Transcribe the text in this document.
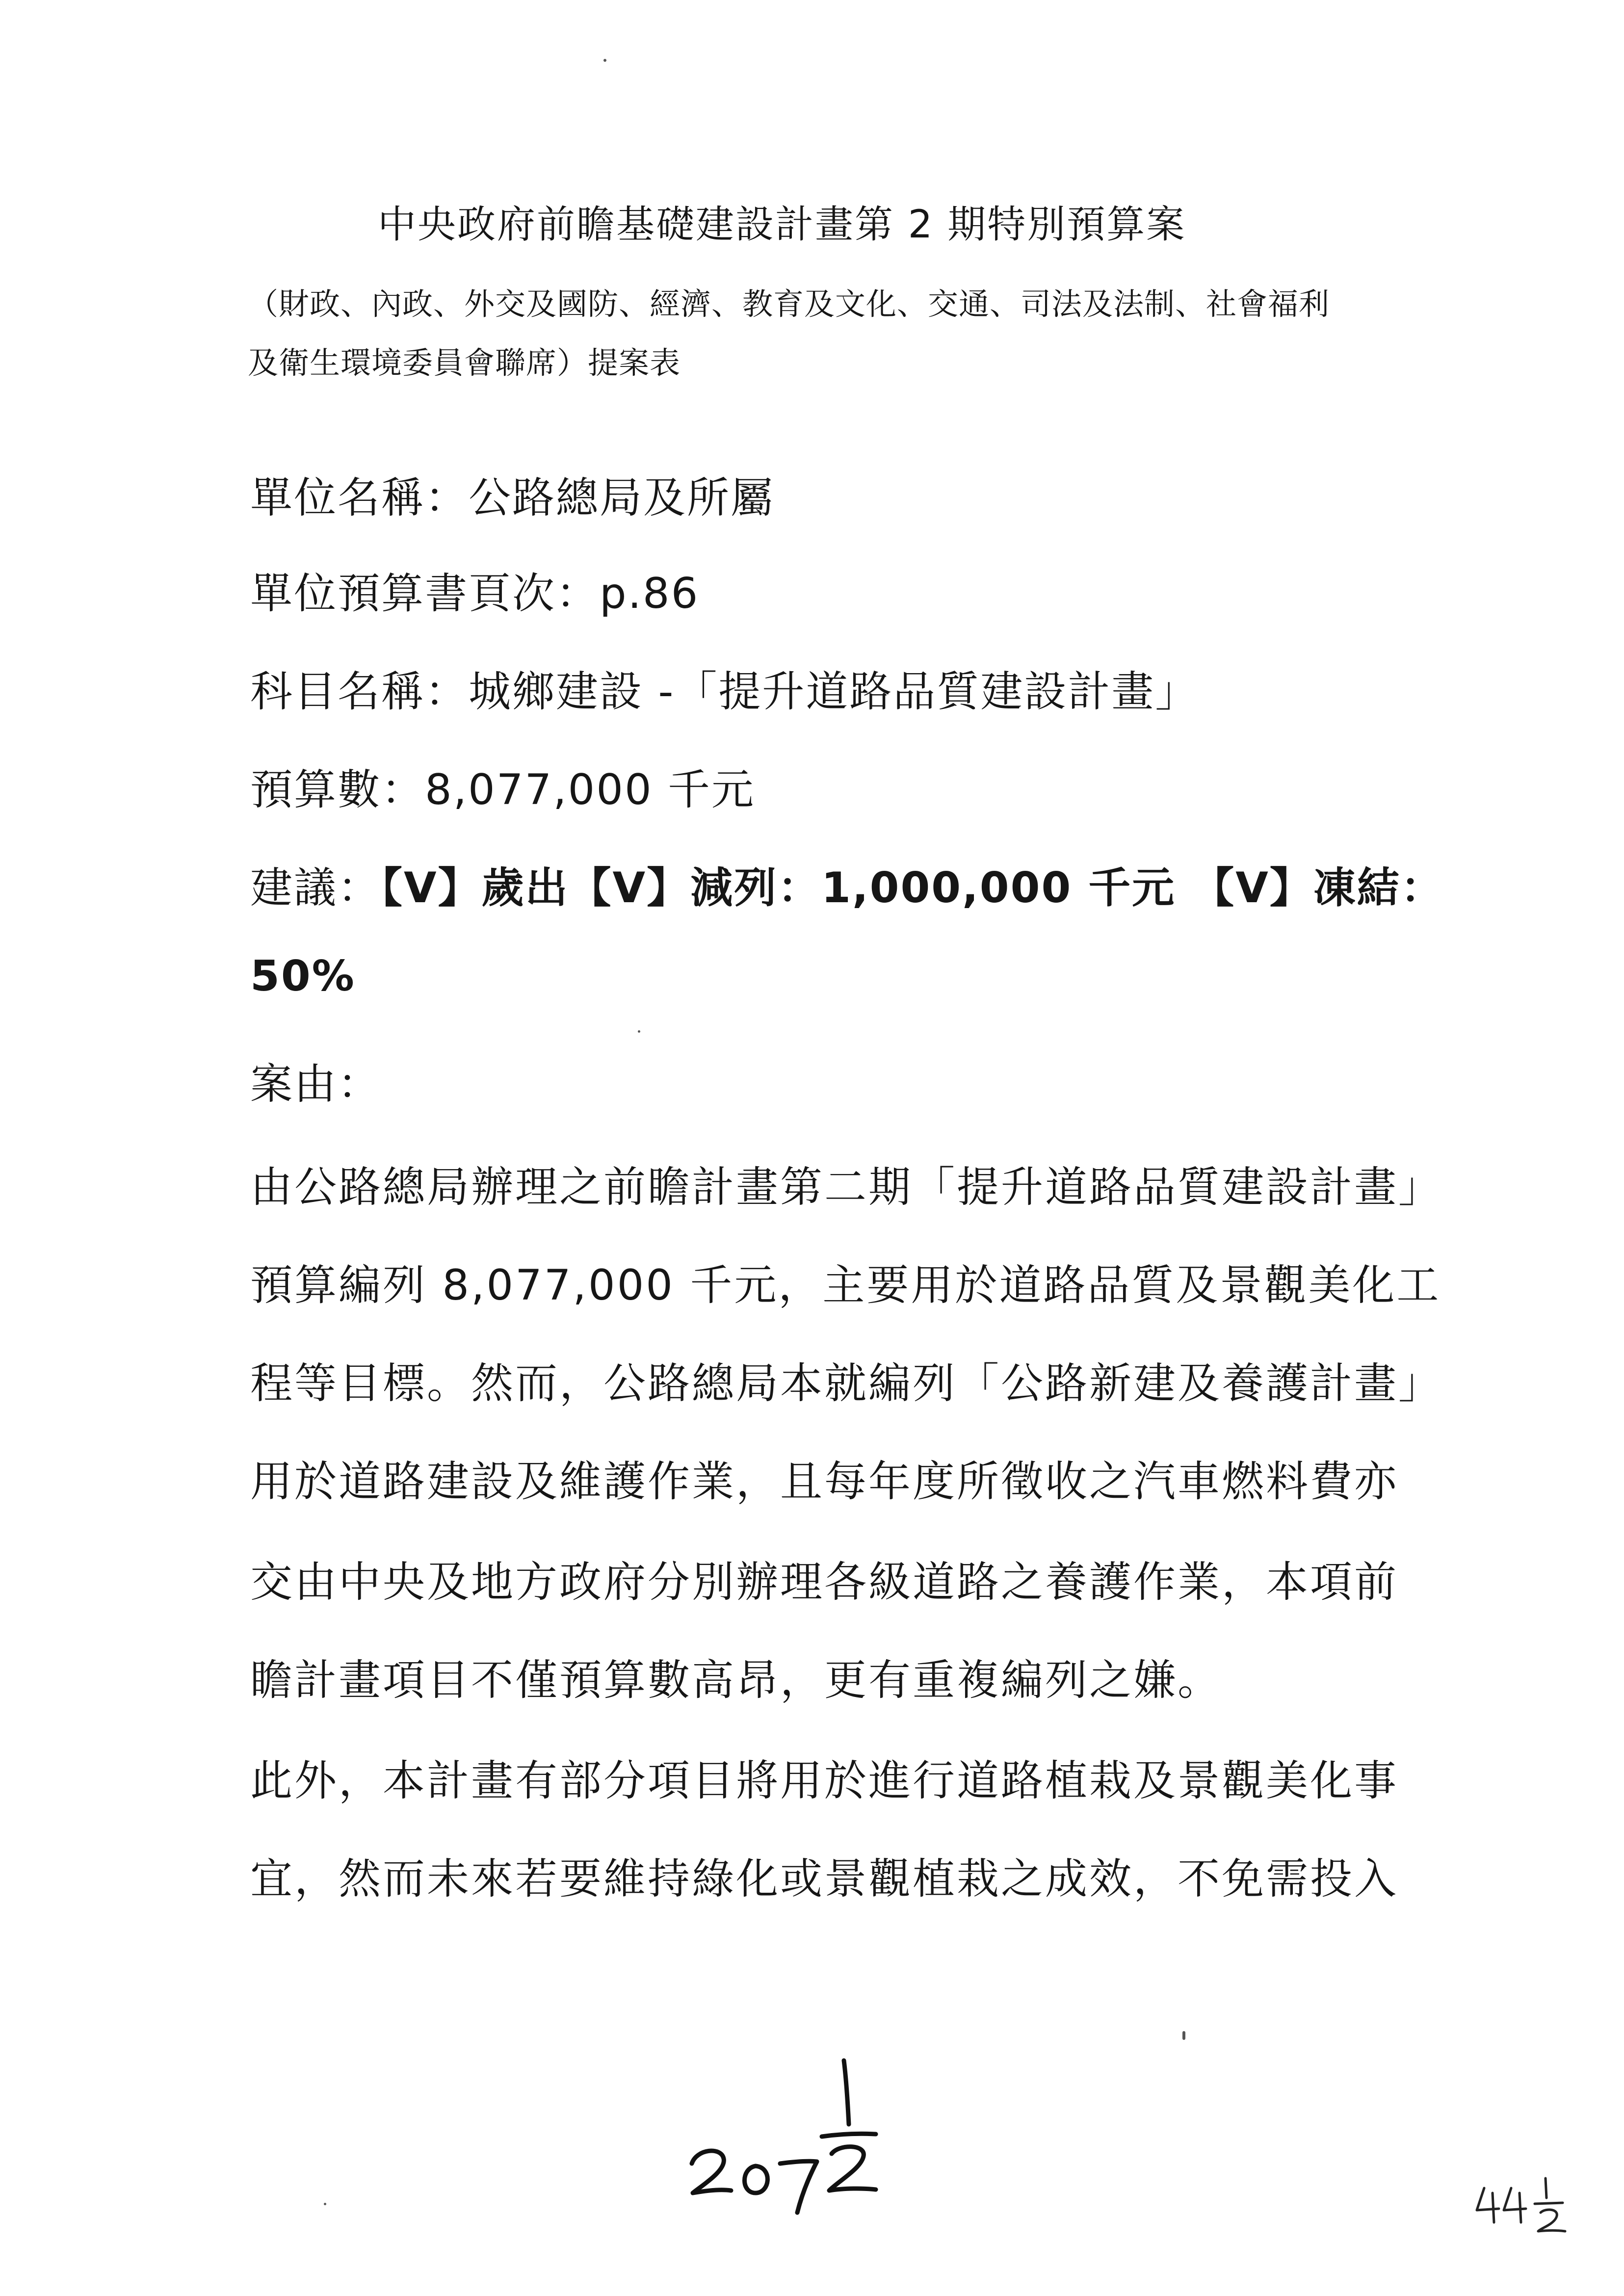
中央政府前瞻基礎建設計畫第 2 期特別預算案
（財政、內政、外交及國防、經濟、教育及文化、交通、司法及法制、社會福利
及衛生環境委員會聯席）提案表
單位名稱：公路總局及所屬
單位預算書頁次：p.86
科目名稱：城鄉建設 -「提升道路品質建設計畫」
預算數：8,077,000 千元
建議：【V】歲出【V】減列：1,000,000 千元 【V】凍結：
50%
案由：
由公路總局辦理之前瞻計畫第二期「提升道路品質建設計畫」
預算編列 8,077,000 千元，主要用於道路品質及景觀美化工
程等目標。然而，公路總局本就編列「公路新建及養護計畫」
用於道路建設及維護作業，且每年度所徵收之汽車燃料費亦
交由中央及地方政府分別辦理各級道路之養護作業，本項前
瞻計畫項目不僅預算數高昂，更有重複編列之嫌。
此外，本計畫有部分項目將用於進行道路植栽及景觀美化事
宜，然而未來若要維持綠化或景觀植栽之成效，不免需投入
